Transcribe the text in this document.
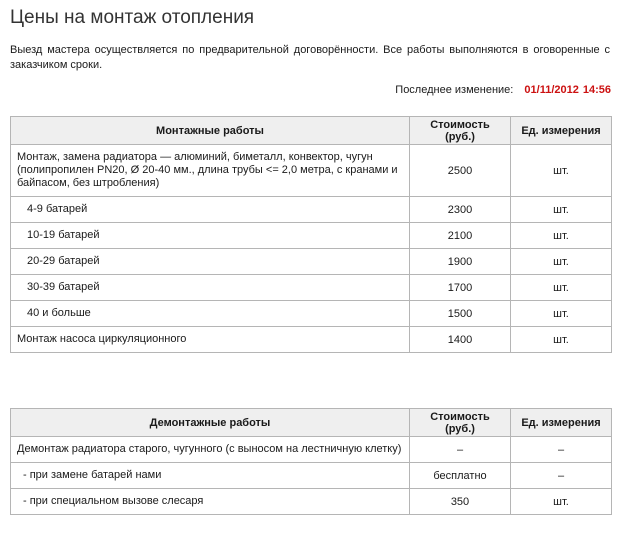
Цены на монтаж отопления

Выезд мастера осуществляется по предварительной договорённости. Все работы выполняются в оговоренные с заказчиком сроки.

Последнее изменение: 01/11/2012 14:56

Монтажные работы	Стоимость (руб.)	Ед. измерения
Монтаж, замена радиатора — алюминий, биметалл, конвектор, чугун (полипропилен PN20, Ø 20-40 мм., длина трубы <= 2,0 метра, с кранами и байпасом, без штробления)	2500	шт.
4-9 батарей	2300	шт.
10-19 батарей	2100	шт.
20-29 батарей	1900	шт.
30-39 батарей	1700	шт.
40 и больше	1500	шт.
Монтаж насоса циркуляционного	1400	шт.
Демонтажные работы	Стоимость (руб.)	Ед. измерения
Демонтаж радиатора старого, чугунного (с выносом на лестничную клетку)	–	–
- при замене батарей нами	бесплатно	–
- при специальном вызове слесаря	350	шт.
